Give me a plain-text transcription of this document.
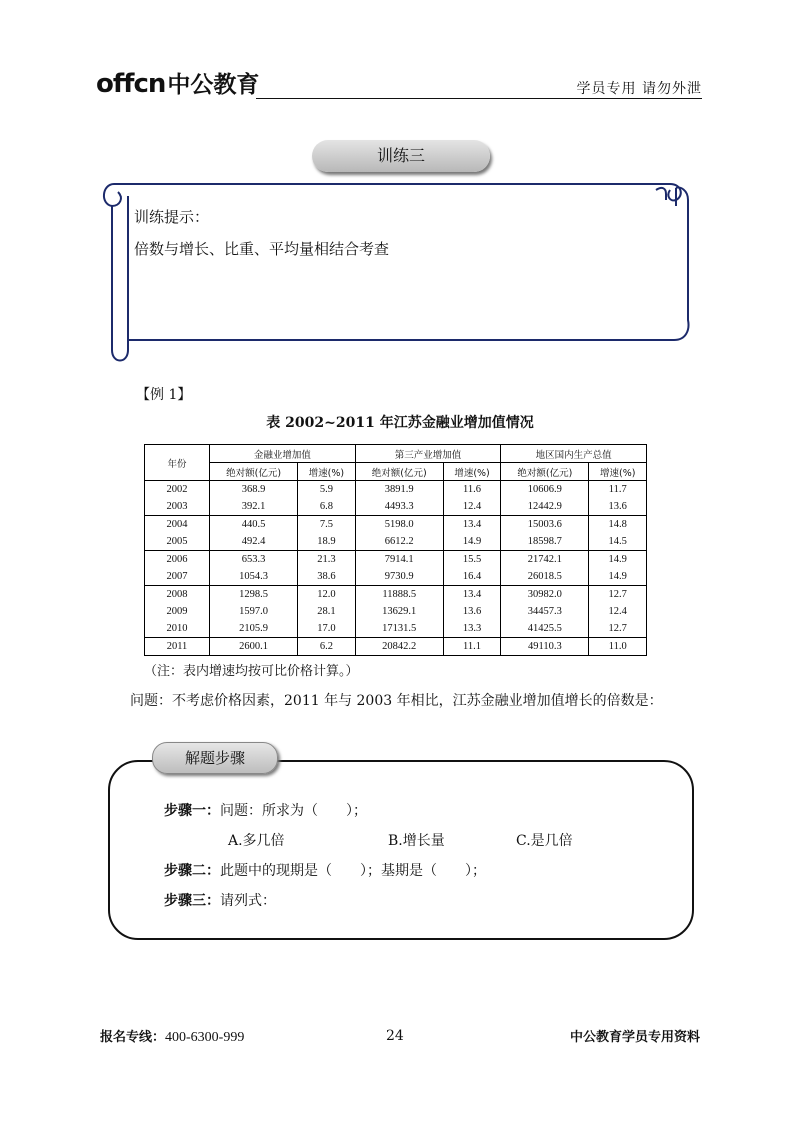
offcn 中公教育	学员专用 请勿外泄
训练三
训练提示：
倍数与增长、比重、平均量相结合考查
【例 1】
表 2002~2011 年江苏金融业增加值情况
年份	金融业增加值		第三产业增加值		地区国内生产总值	
	绝对额(亿元)	增速(%)	绝对额(亿元)	增速(%)	绝对额(亿元)	增速(%)
2002	368.9	5.9	3891.9	11.6	10606.9	11.7
2003	392.1	6.8	4493.3	12.4	12442.9	13.6
2004	440.5	7.5	5198.0	13.4	15003.6	14.8
2005	492.4	18.9	6612.2	14.9	18598.7	14.5
2006	653.3	21.3	7914.1	15.5	21742.1	14.9
2007	1054.3	38.6	9730.9	16.4	26018.5	14.9
2008	1298.5	12.0	11888.5	13.4	30982.0	12.7
2009	1597.0	28.1	13629.1	13.6	34457.3	12.4
2010	2105.9	17.0	17131.5	13.3	41425.5	12.7
2011	2600.1	6.2	20842.2	11.1	49110.3	11.0
（注：表内增速均按可比价格计算。）
问题：不考虑价格因素，2011 年与 2003 年相比，江苏金融业增加值增长的倍数是：
解题步骤
步骤一：问题：所求为（　　）；
A.多几倍	B.增长量	C.是几倍
步骤二：此题中的现期是（　　）；基期是（　　）；
步骤三：请列式：
报名专线：400-6300-999	24	中公教育学员专用资料
